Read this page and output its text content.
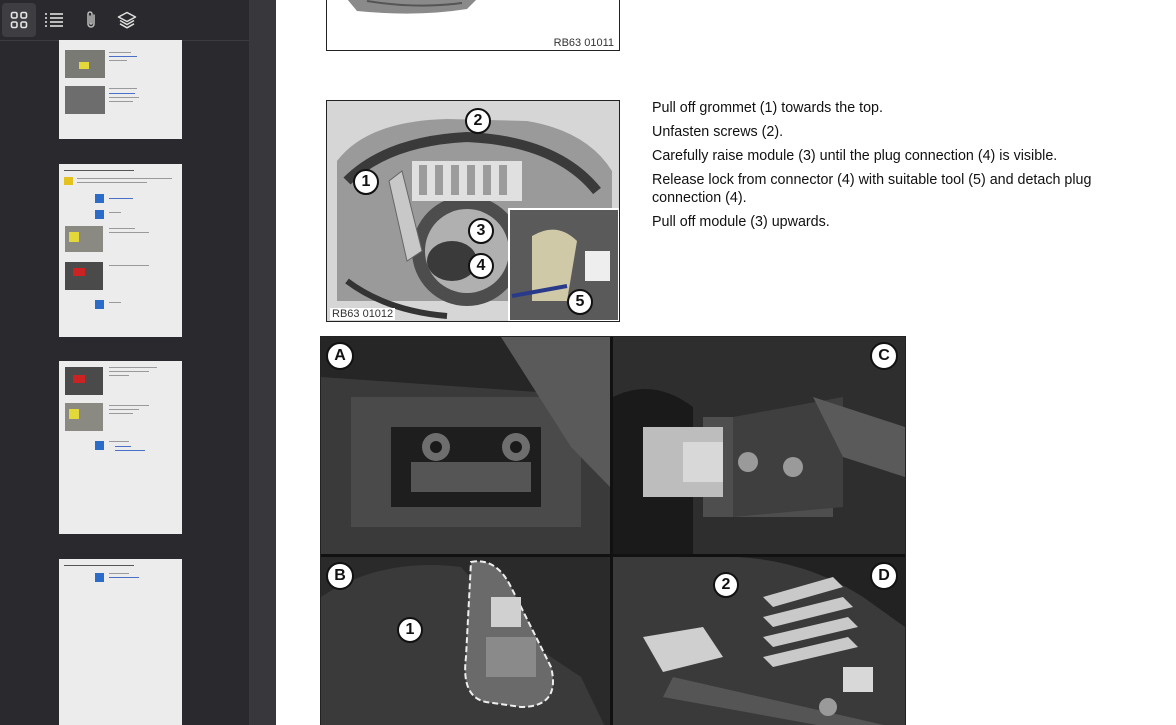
RB63 01011
1
2
3
4
5
RB63 01012

Pull off grommet (1) towards the top.

Unfasten screws (2).

Carefully raise module (3) until the plug connection (4) is visible.

Release lock from connector (4) with suitable tool (5) and detach plug connection (4).

Pull off module (3) upwards.

1
2
A	C
B	D
